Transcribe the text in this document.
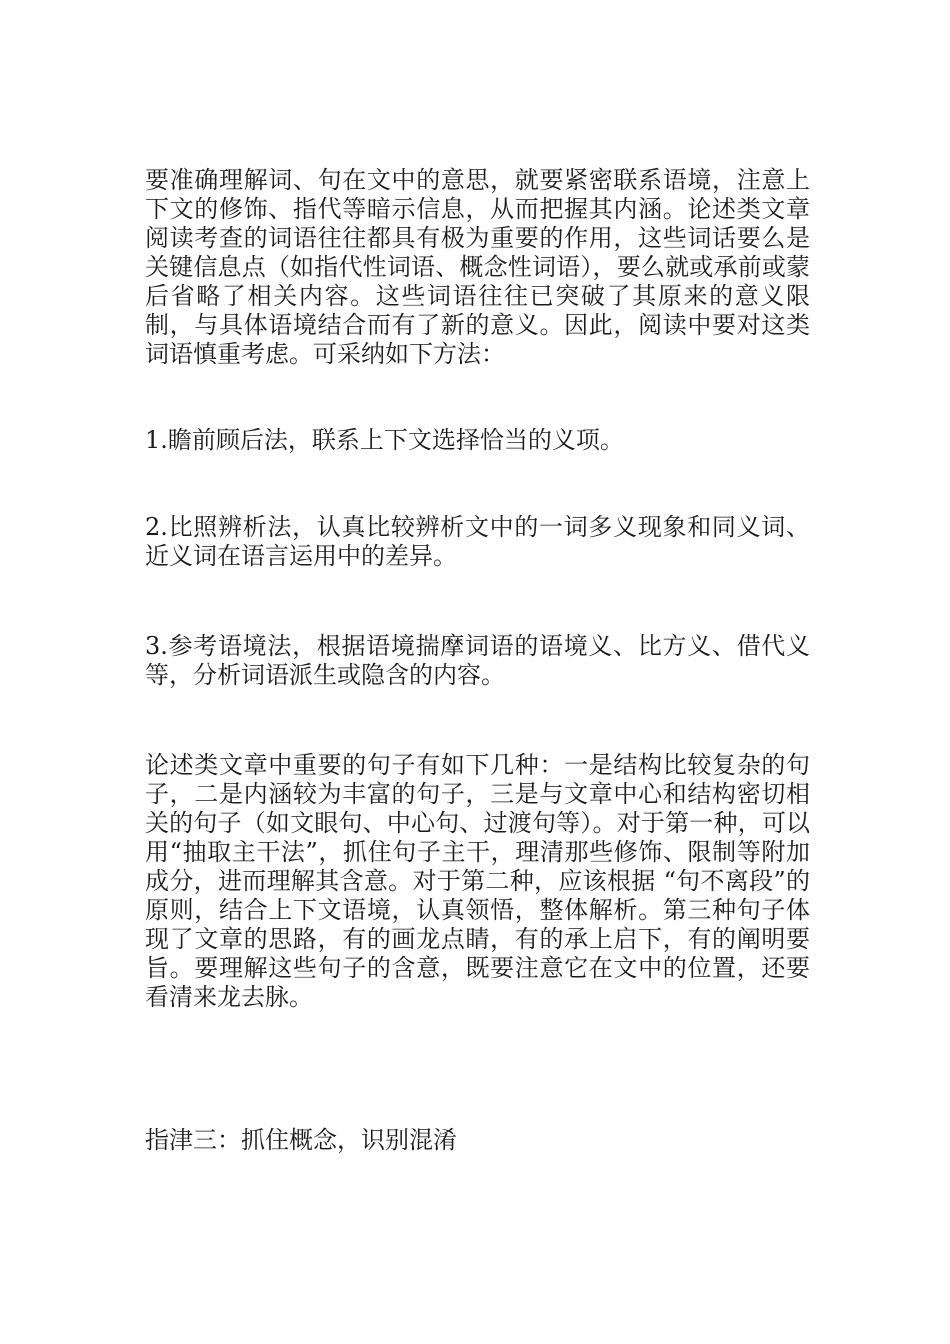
要准确理解词、句在文中的意思，就要紧密联系语境，注意上下文的修饰、指代等暗示信息，从而把握其内涵。论述类文章阅读考查的词语往往都具有极为重要的作用，这些词话要么是关键信息点（如指代性词语、概念性词语），要么就或承前或蒙后省略了相关内容。这些词语往往已突破了其原来的意义限制，与具体语境结合而有了新的意义。因此，阅读中要对这类词语慎重考虑。可采纳如下方法：

1.瞻前顾后法，联系上下文选择恰当的义项。

2.比照辨析法，认真比较辨析文中的一词多义现象和同义词、近义词在语言运用中的差异。

3.参考语境法，根据语境揣摩词语的语境义、比方义、借代义等，分析词语派生或隐含的内容。

论述类文章中重要的句子有如下几种：一是结构比较复杂的句子，二是内涵较为丰富的句子，三是与文章中心和结构密切相关的句子（如文眼句、中心句、过渡句等）。对于第一种，可以用“抽取主干法”，抓住句子主干，理清那些修饰、限制等附加成分，进而理解其含意。对于第二种，应该根据 “句不离段”的原则，结合上下文语境，认真领悟，整体解析。第三种句子体现了文章的思路，有的画龙点睛，有的承上启下，有的阐明要旨。要理解这些句子的含意，既要注意它在文中的位置，还要看清来龙去脉。

指津三：抓住概念，识别混淆
